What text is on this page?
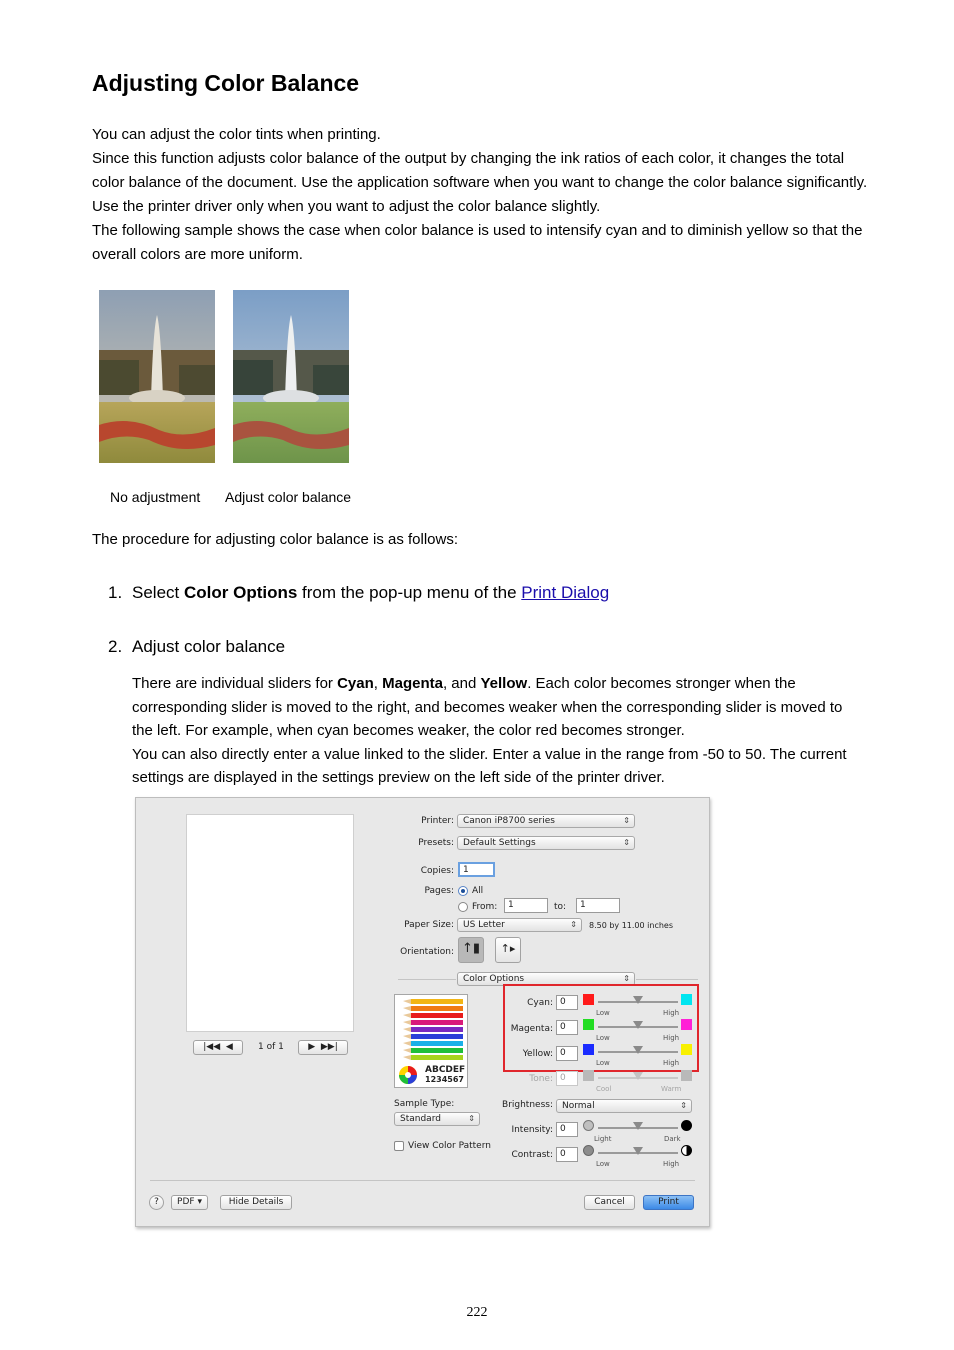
Adjusting Color Balance

You can adjust the color tints when printing.

Since this function adjusts color balance of the output by changing the ink ratios of each color, it changes the total color balance of the document. Use the application software when you want to change the color balance significantly. Use the printer driver only when you want to adjust the color balance slightly.

The following sample shows the case when color balance is used to intensify cyan and to diminish yellow so that the overall colors are more uniform.

No adjustment Adjust color balance
The procedure for adjusting color balance is as follows:
1. Select Color Options from the pop-up menu of the Print Dialog
2. Adjust color balance

There are individual sliders for Cyan, Magenta, and Yellow. Each color becomes stronger when the corresponding slider is moved to the right, and becomes weaker when the corresponding slider is moved to the left. For example, when cyan becomes weaker, the color red becomes stronger.

You can also directly enter a value linked to the slider. Enter a value in the range from -50 to 50. The current settings are displayed in the settings preview on the left side of the printer driver.

|◀◀  ◀	1 of 1	▶  ▶▶|
Printer:	Canon iP8700 series	⇕
Presets:	Default Settings	⇕
Copies:	1
Pages: All
From:	1	to:	1
Paper Size:	US Letter	⇕ 8.50 by 11.00 inches
Orientation: ↑▮	↑▸
Color Options	⇕
ABCDEF
1234567
Cyan: 0
Low	High
Magenta: 0
Low	High
Yellow: 0
Low	High
Tone: 0
Cool	Warm
Sample Type:
Standard	⇕
View Color Pattern
Brightness:	Normal	⇕
Intensity: 0
Light	Dark
Contrast: 0
Low	High
?	PDF ▾	Hide Details	Cancel	Print
222
